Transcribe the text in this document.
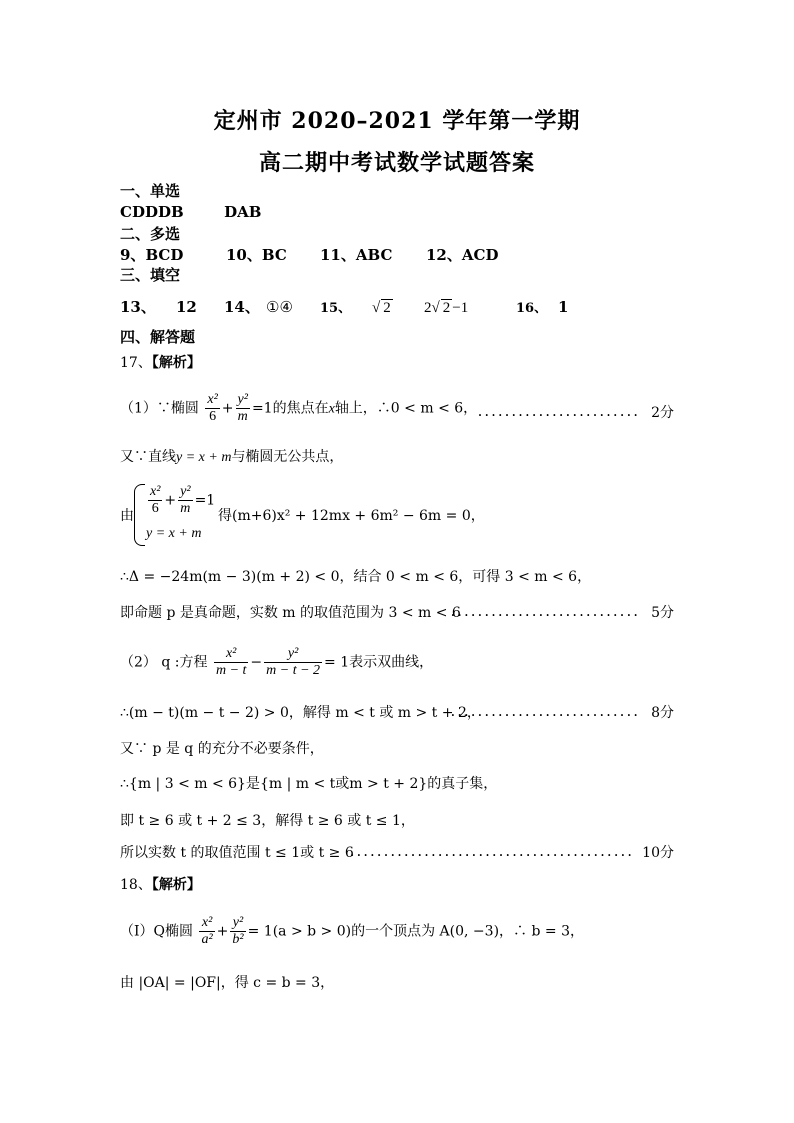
定州市 2020–2021 学年第一学期
高二期中考试数学试题答案
一、单选
CDDDB	DAB
二、多选
9、BCD	10、BC 11、ABC 12、ACD
三、填空
13、 12 14、 ①④ 15、 √ 2 2√ 2 −1	16、 1
四、解答题
17、【解析】
（1）∵椭圆 $\frac{\text{x²}}{6} + \frac{\text{y²}}{m} =1$的焦点在x轴上，∴0 < m < 6， ........................ 2分
又∵直线y = x + m与椭圆无公共点，
由 $\frac{\text{x²}}{6} + \frac{\text{y²}}{m} =1$
得(m+6)x² + 12mx + 6m² − 6m = 0，
y = x + m
∴Δ = −24m(m − 3)(m + 2) < 0，结合 0 < m < 6，可得 3 < m < 6，
即命题 p 是真命题，实数 m 的取值范围为 3 < m < 6
............................ 5分
（2） q :方程 $\frac{\text{x²}}{m - t} - \frac{\text{y²}}{m - t - 2} = 1$表示双曲线，
∴(m − t)(m − t − 2) > 0，解得 m < t 或 m > t + 2，
............................ 8分
又∵ p 是 q 的充分不必要条件，
∴{m | 3 < m < 6}是{m | m < t或m > t + 2}的真子集，
即 t ≥ 6 或 t + 2 ≤ 3，解得 t ≥ 6 或 t ≤ 1，
所以实数 t 的取值范围 t ≤ 1或 t ≥ 6
.......................................... 10分
18、【解析】
（Ⅰ）Q椭圆 $\frac{\text{x²}}{\text{a²}} + \frac{\text{y²}}{\text{b²}} = 1(a > b > 0)$的一个顶点为 A(0, −3)，∴ b = 3，
由 |OA| = |OF|，得 c = b = 3，
